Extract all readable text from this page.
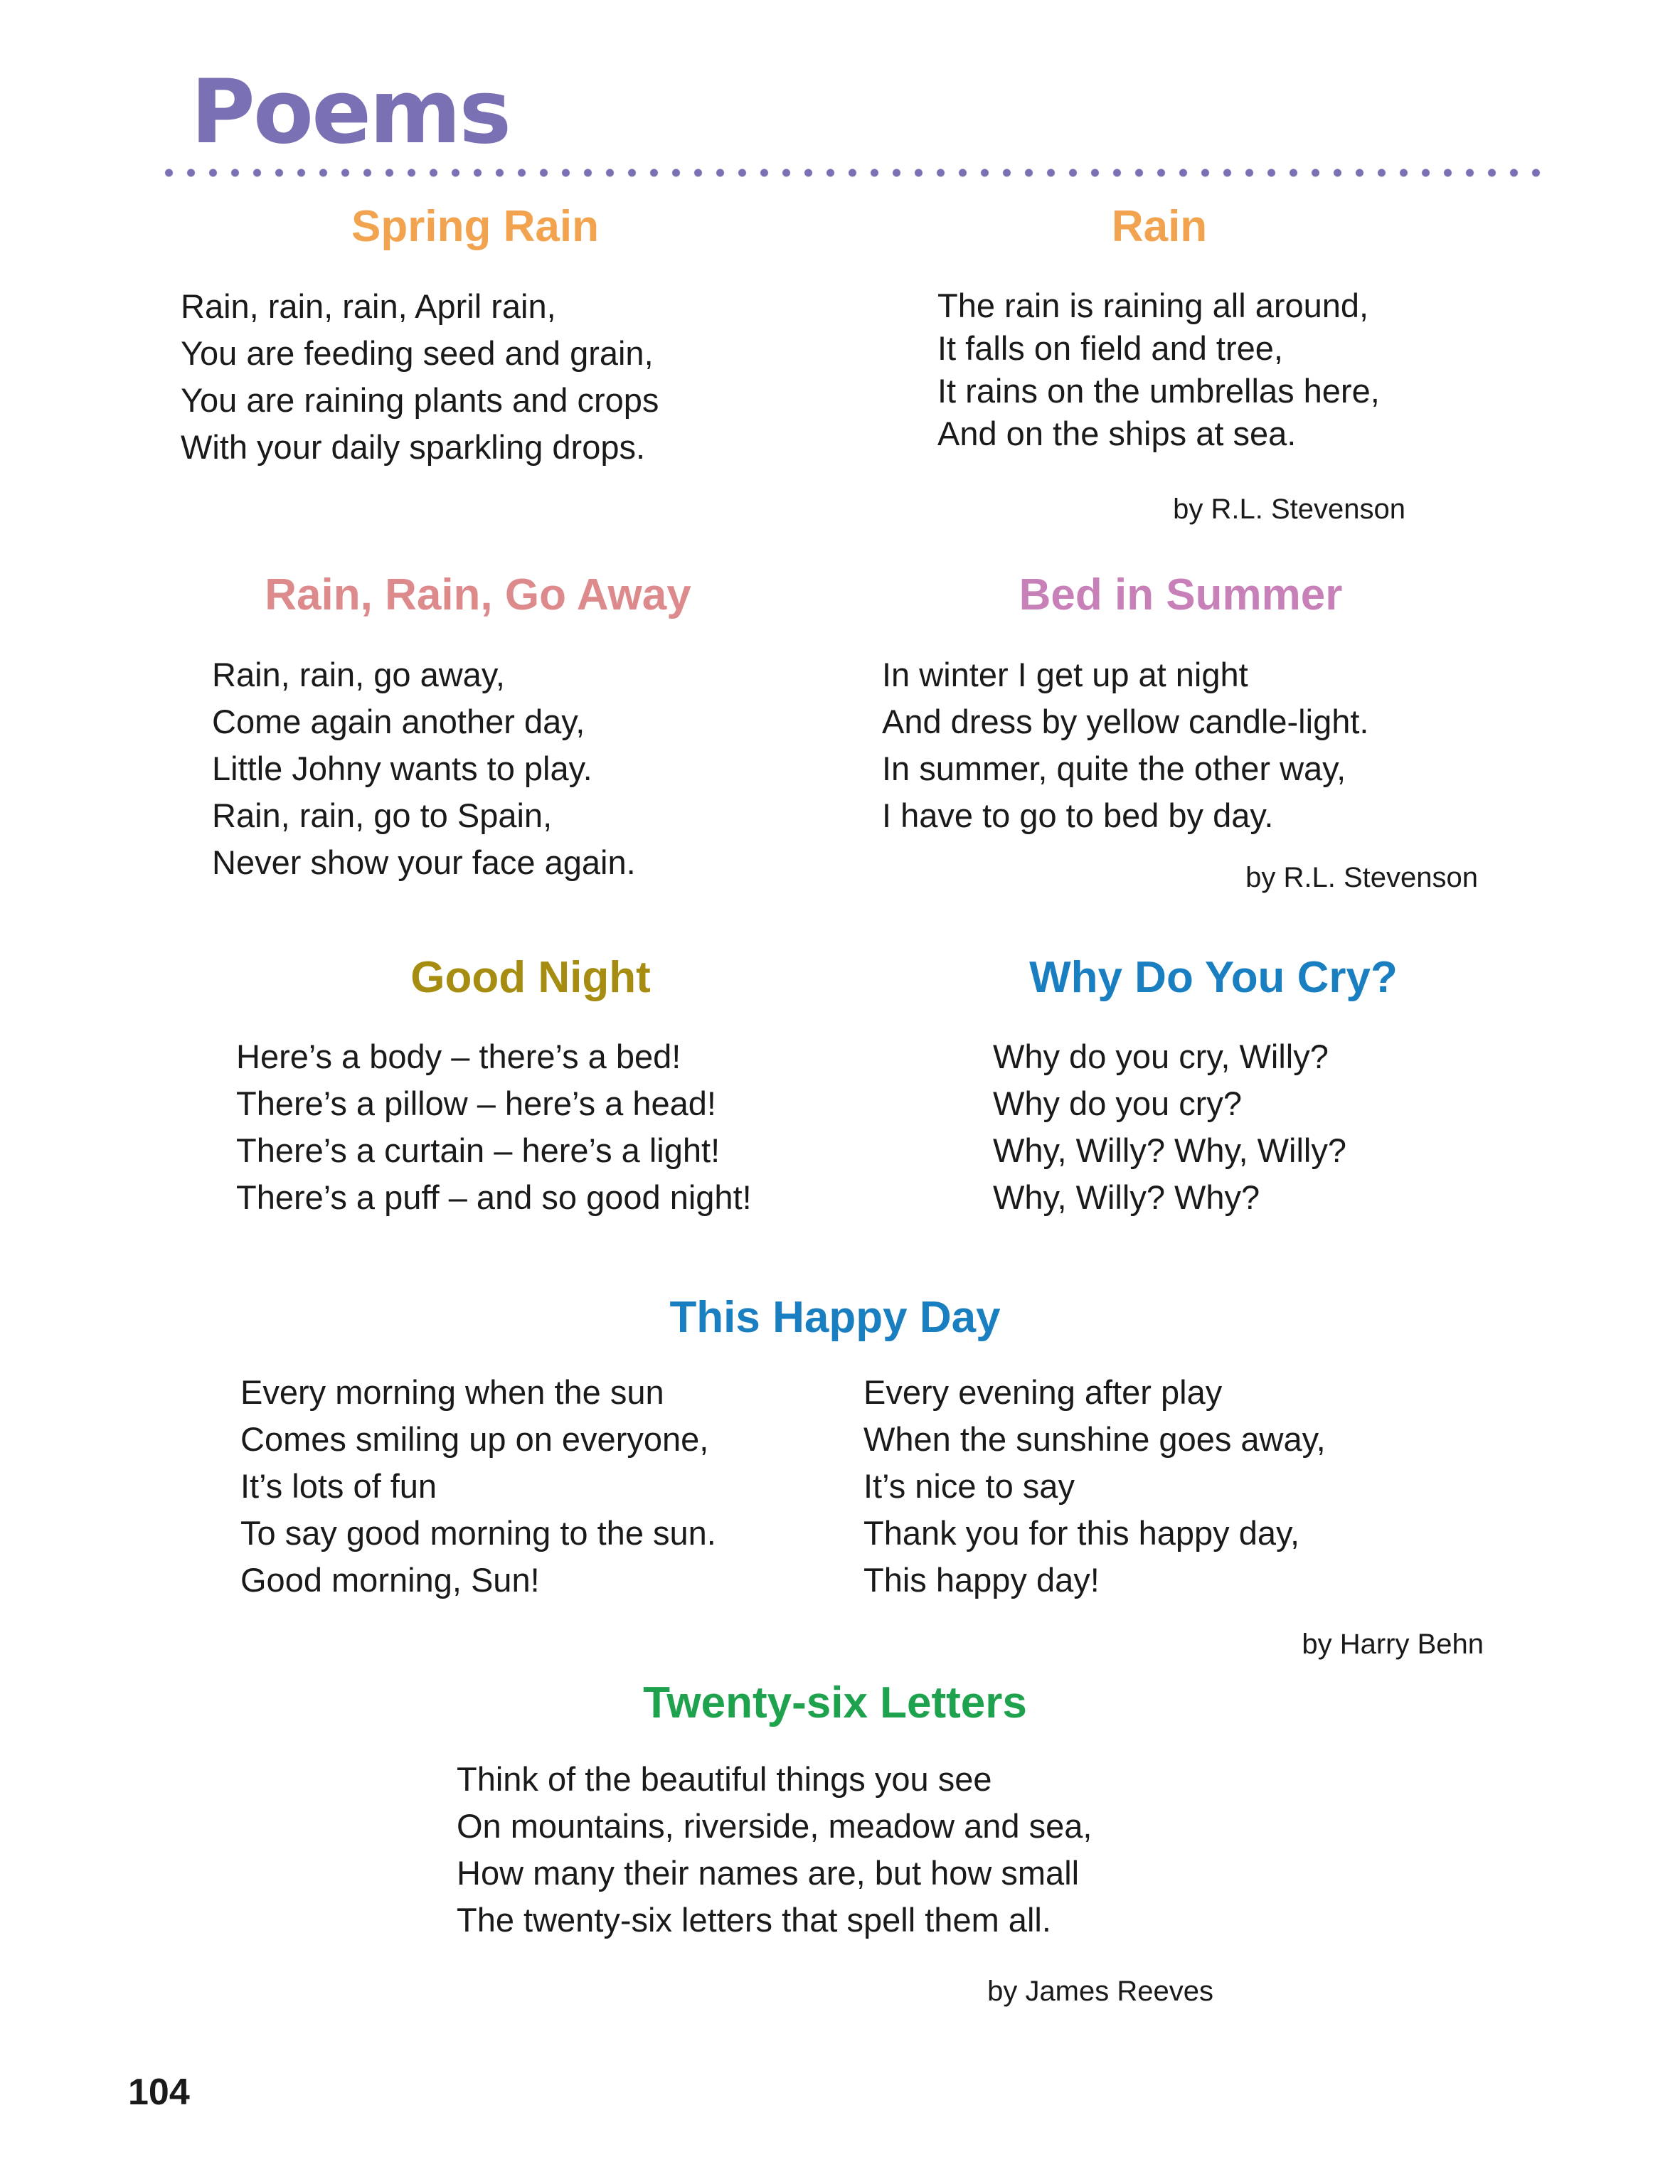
Poems
Spring Rain
Rain, rain, rain, April rain,
You are feeding seed and grain,
You are raining plants and crops
With your daily sparkling drops.
Rain
The rain is raining all around,
It falls on field and tree,
It rains on the umbrellas here,
And on the ships at sea.

by R.L. Stevenson

Rain, Rain, Go Away
Rain, rain, go away,
Come again another day,
Little Johny wants to play.
Rain, rain, go to Spain,
Never show your face again.
Bed in Summer
In winter I get up at night
And dress by yellow candle-light.
In summer, quite the other way,
I have to go to bed by day.

by R.L. Stevenson

Good Night
Here’s a body – there’s a bed!
There’s a pillow – here’s a head!
There’s a curtain – here’s a light!
There’s a puff – and so good night!
Why Do You Cry?
Why do you cry, Willy?
Why do you cry?
Why, Willy? Why, Willy?
Why, Willy? Why?
This Happy Day
Every morning when the sun
Comes smiling up on everyone,
It’s lots of fun
To say good morning to the sun.
Good morning, Sun!
Every evening after play
When the sunshine goes away,
It’s nice to say
Thank you for this happy day,
This happy day!

by Harry Behn

Twenty-six Letters
Think of the beautiful things you see
On mountains, riverside, meadow and sea,
How many their names are, but how small
The twenty-six letters that spell them all.

by James Reeves

104
